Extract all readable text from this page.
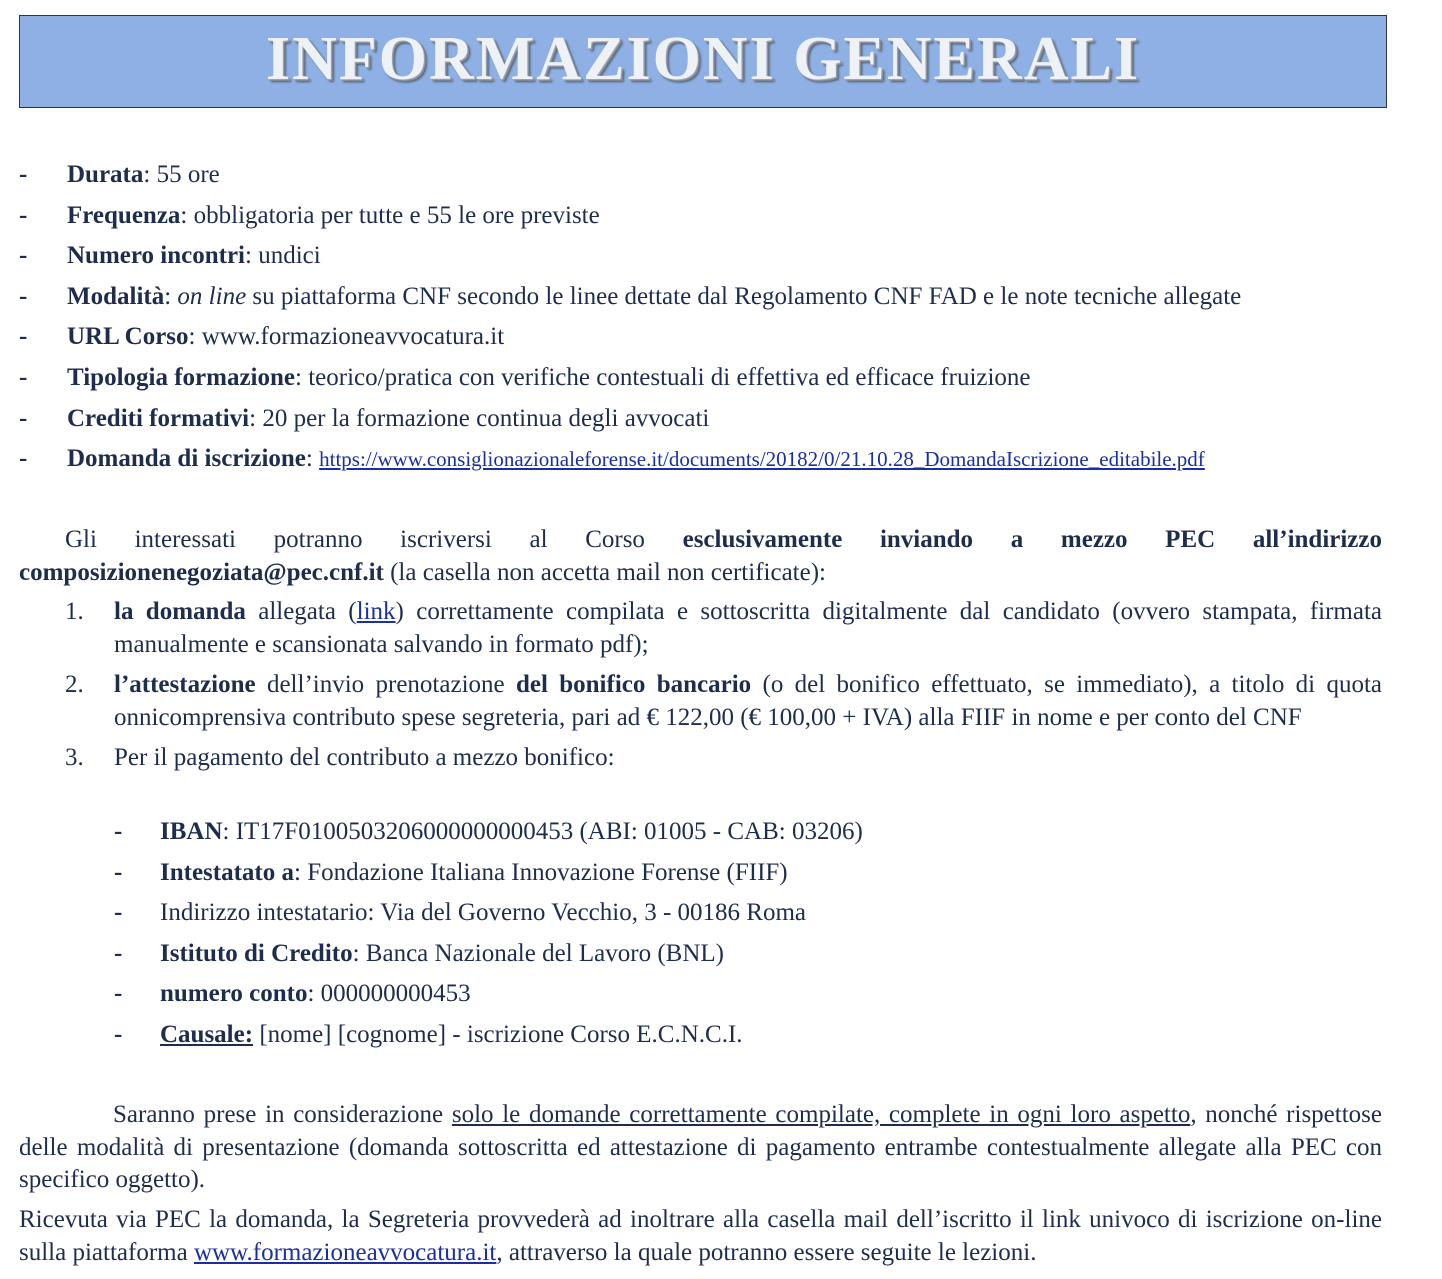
INFORMAZIONI GENERALI
- Durata: 55 ore
- Frequenza: obbligatoria per tutte e 55 le ore previste
- Numero incontri: undici
- Modalità: on line su piattaforma CNF secondo le linee dettate dal Regolamento CNF FAD e le note tecniche allegate
- URL Corso: www.formazioneavvocatura.it
- Tipologia formazione: teorico/pratica con verifiche contestuali di effettiva ed efficace fruizione
- Crediti formativi: 20 per la formazione continua degli avvocati
- Domanda di iscrizione: https://www.consiglionazionaleforense.it/documents/20182/0/21.10.28_DomandaIscrizione_editabile.pdf

Gli interessati potranno iscriversi al Corso esclusivamente inviando a mezzo PEC all’indirizzo composizionenegoziata@pec.cnf.it (la casella non accetta mail non certificate):

1. la domanda allegata (link) correttamente compilata e sottoscritta digitalmente dal candidato (ovvero stampata, firmata manualmente e scansionata salvando in formato pdf);
2. l’attestazione dell’invio prenotazione del bonifico bancario (o del bonifico effettuato, se immediato), a titolo di quota onnicomprensiva contributo spese segreteria, pari ad € 122,00 (€ 100,00 + IVA) alla FIIF in nome e per conto del CNF
3. Per il pagamento del contributo a mezzo bonifico:
- IBAN: IT17F0100503206000000000453 (ABI: 01005 - CAB: 03206)
- Intestatato a: Fondazione Italiana Innovazione Forense (FIIF)
- Indirizzo intestatario: Via del Governo Vecchio, 3 - 00186 Roma
- Istituto di Credito: Banca Nazionale del Lavoro (BNL)
- numero conto: 000000000453
- Causale: [nome] [cognome] - iscrizione Corso E.C.N.C.I.

Saranno prese in considerazione solo le domande correttamente compilate, complete in ogni loro aspetto, nonché rispettose delle modalità di presentazione (domanda sottoscritta ed attestazione di pagamento entrambe contestualmente allegate alla PEC con specifico oggetto).

Ricevuta via PEC la domanda, la Segreteria provvederà ad inoltrare alla casella mail dell’iscritto il link univoco di iscrizione on-line sulla piattaforma www.formazioneavvocatura.it, attraverso la quale potranno essere seguite le lezioni.
